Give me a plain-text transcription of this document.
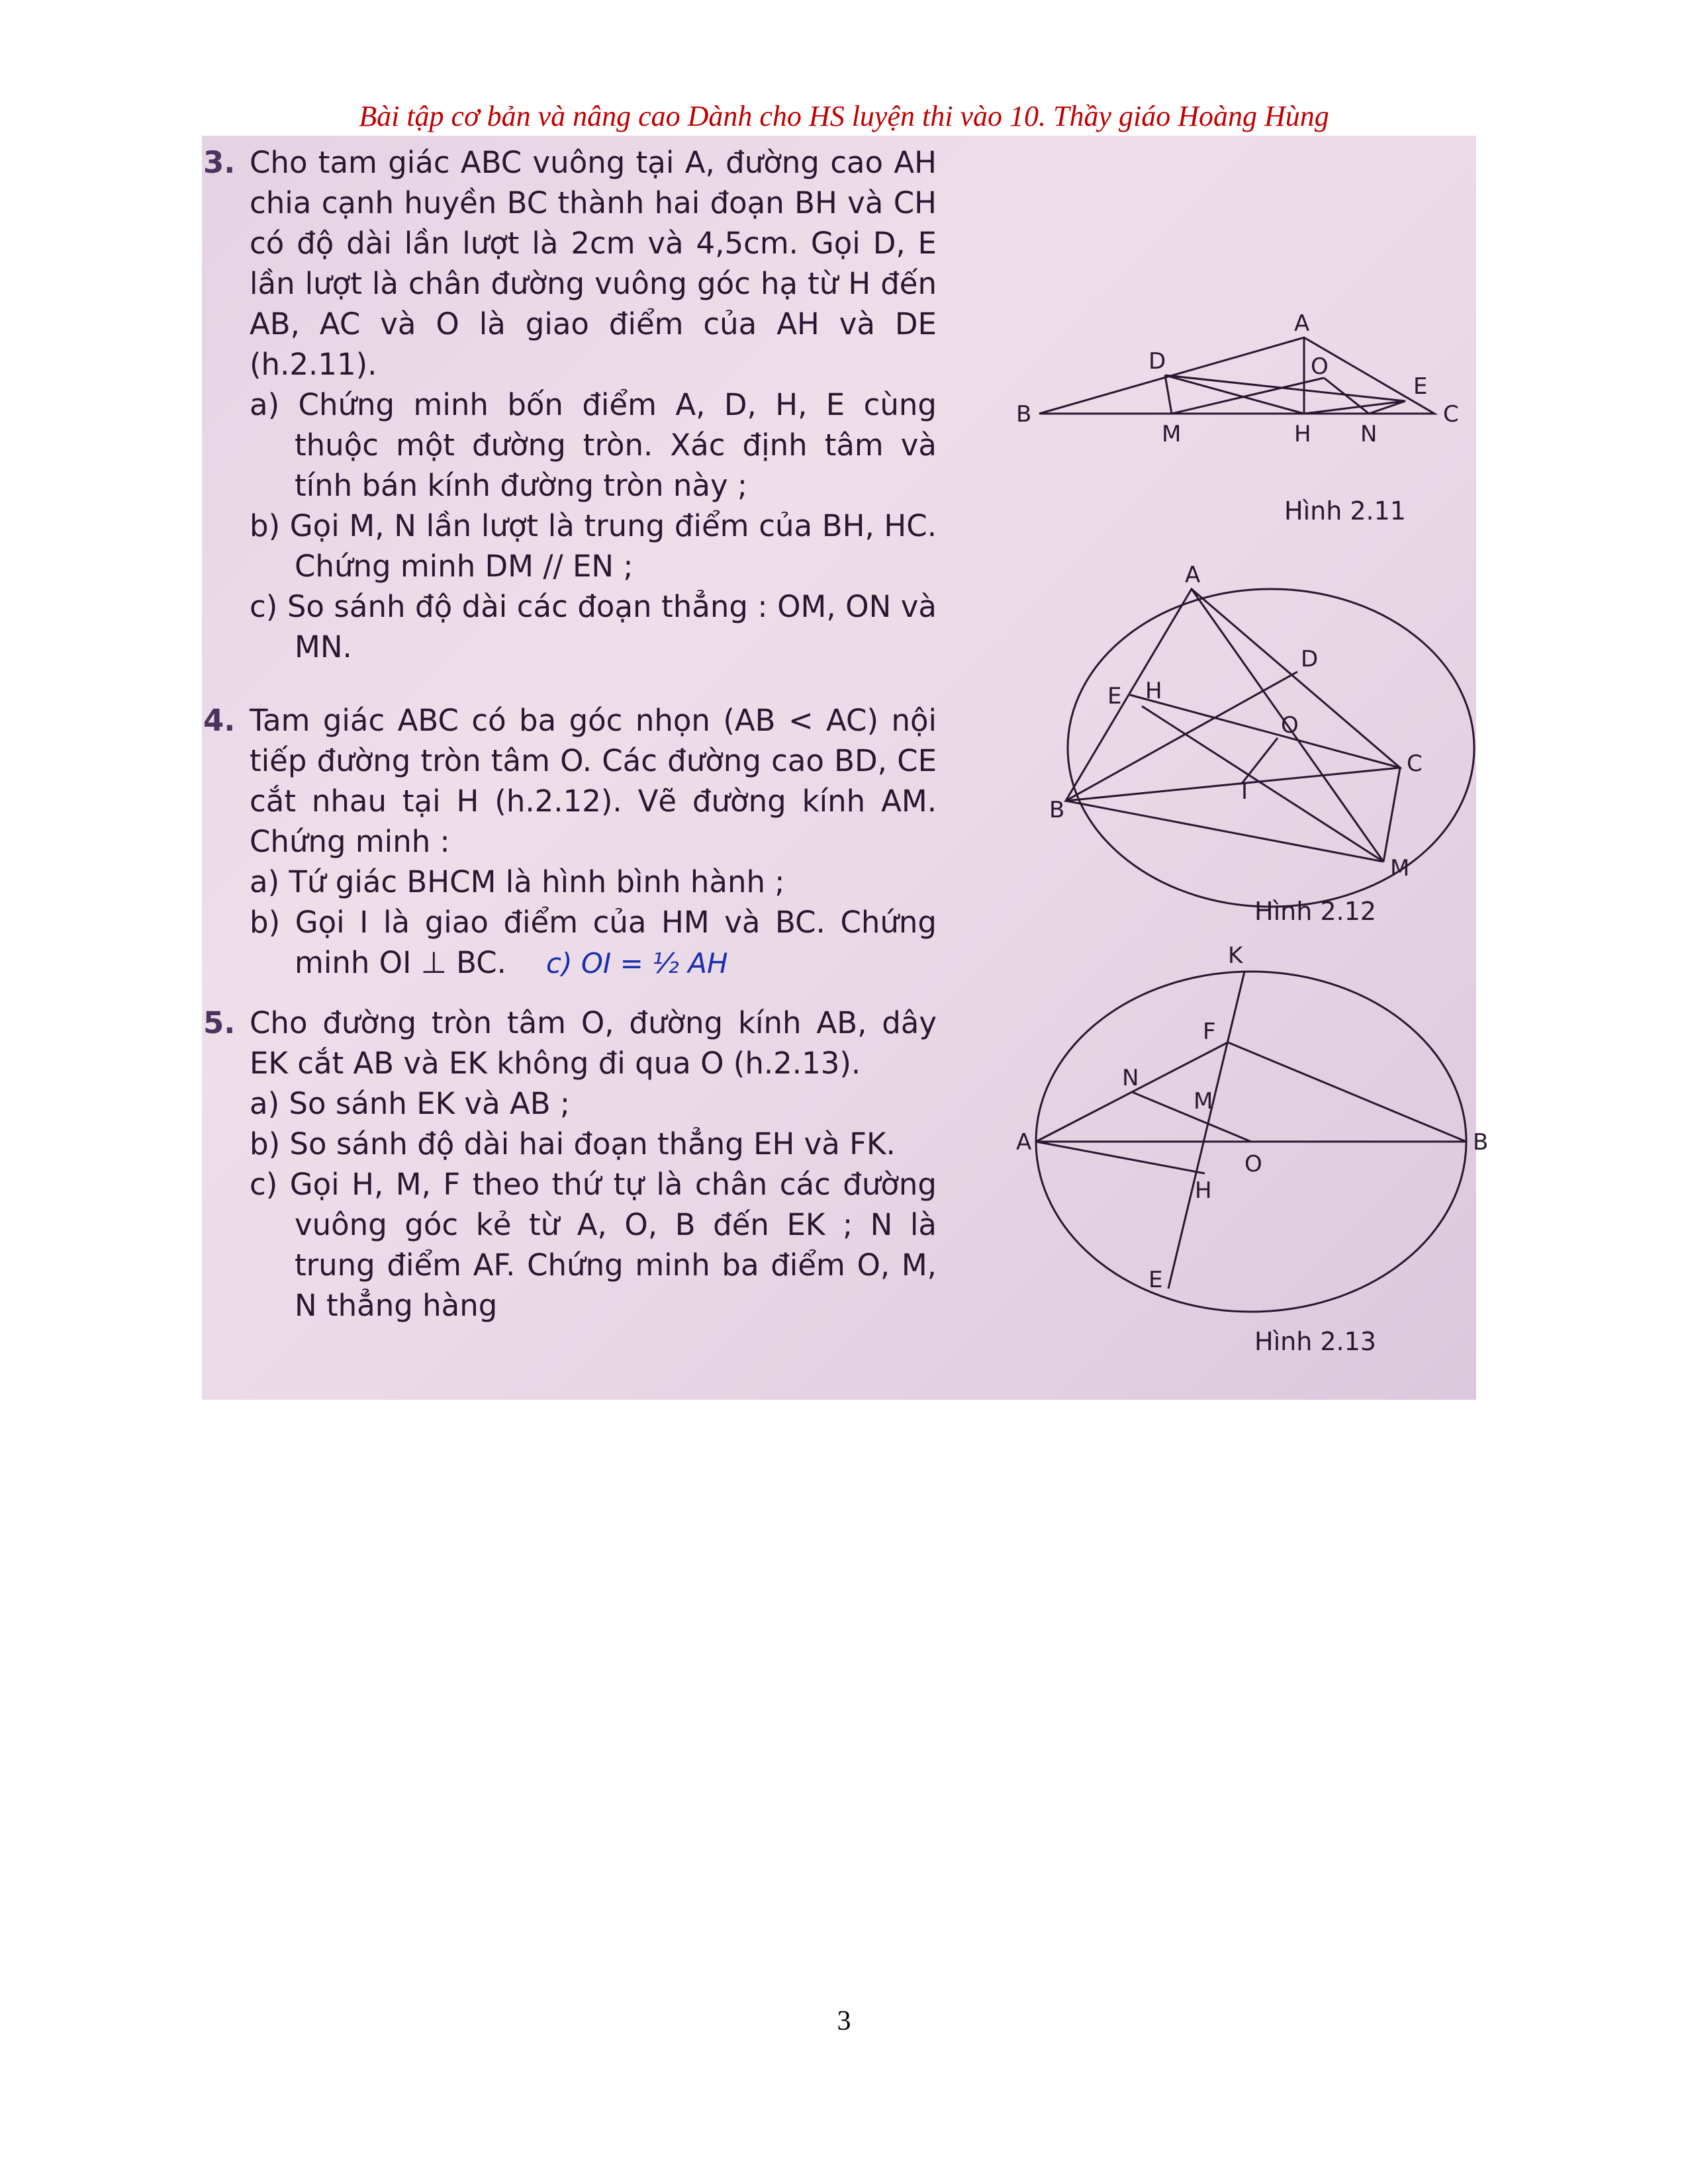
Bài tập cơ bản và nâng cao Dành cho HS luyện thi vào 10. Thầy giáo Hoàng Hùng
3. Cho tam giác ABC vuông tại A, đường cao AH chia cạnh huyền BC thành hai đoạn BH và CH có độ dài lần lượt là 2cm và 4,5cm. Gọi D, E lần lượt là chân đường vuông góc hạ từ H đến AB, AC và O là giao điểm của AH và DE (h.2.11).
a) Chứng minh bốn điểm A, D, H, E cùng thuộc một đường tròn. Xác định tâm và tính bán kính đường tròn này ;
b) Gọi M, N lần lượt là trung điểm của BH, HC. Chứng minh DM // EN ;
c) So sánh độ dài các đoạn thẳng : OM, ON và MN.
4. Tam giác ABC có ba góc nhọn (AB < AC) nội tiếp đường tròn tâm O. Các đường cao BD, CE cắt nhau tại H (h.2.12). Vẽ đường kính AM. Chứng minh :
a) Tứ giác BHCM là hình bình hành ;
b) Gọi I là giao điểm của HM và BC. Chứng minh OI ⊥ BC. c) OI = ½ AH
5. Cho đường tròn tâm O, đường kính AB, dây EK cắt AB và EK không đi qua O (h.2.13).
a) So sánh EK và AB ;
b) So sánh độ dài hai đoạn thẳng EH và FK.
c) Gọi H, M, F theo thứ tự là chân các đường vuông góc kẻ từ A, O, B đến EK ; N là trung điểm AF. Chứng minh ba điểm O, M, N thẳng hàng
A
B	C
D
E
O
M	H N
Hình 2.11
A
B
C
D
E H
O
I
M
Hình 2.12
K
F
N
M
A
O
B
H
E
Hình 2.13
3
